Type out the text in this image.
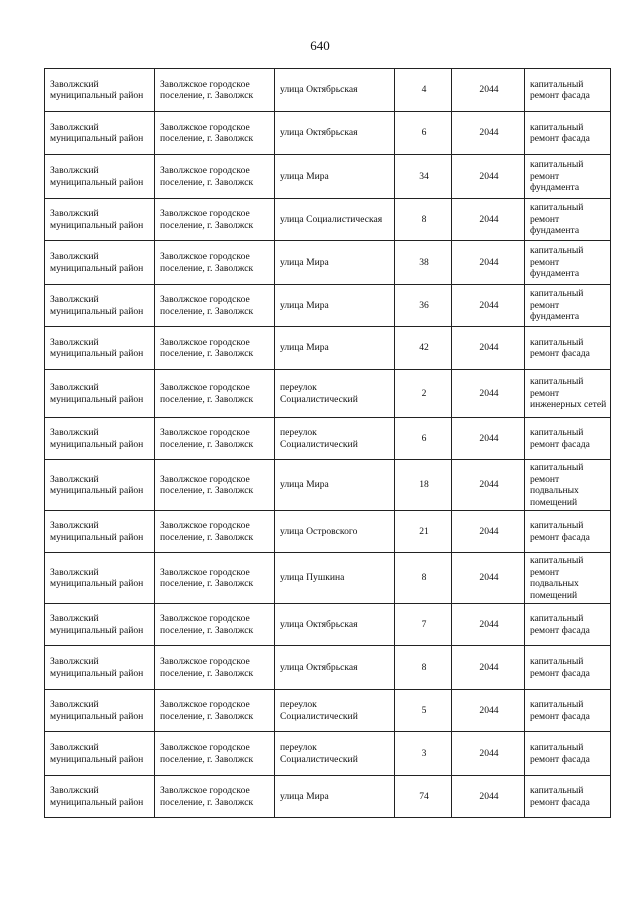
640
Заволжский муниципальный район	Заволжское городское поселение, г. Заволжск	улица Октябрьская	4	2044	капитальный ремонт фасада
Заволжский муниципальный район	Заволжское городское поселение, г. Заволжск	улица Октябрьская	6	2044	капитальный ремонт фасада
Заволжский муниципальный район	Заволжское городское поселение, г. Заволжск	улица Мира	34	2044	капитальный ремонт фундамента
Заволжский муниципальный район	Заволжское городское поселение, г. Заволжск	улица Социалистическая	8	2044	капитальный ремонт фундамента
Заволжский муниципальный район	Заволжское городское поселение, г. Заволжск	улица Мира	38	2044	капитальный ремонт фундамента
Заволжский муниципальный район	Заволжское городское поселение, г. Заволжск	улица Мира	36	2044	капитальный ремонт фундамента
Заволжский муниципальный район	Заволжское городское поселение, г. Заволжск	улица Мира	42	2044	капитальный ремонт фасада
Заволжский муниципальный район	Заволжское городское поселение, г. Заволжск	переулок Социалистический	2	2044	капитальный ремонт инженерных сетей
Заволжский муниципальный район	Заволжское городское поселение, г. Заволжск	переулок Социалистический	6	2044	капитальный ремонт фасада
Заволжский муниципальный район	Заволжское городское поселение, г. Заволжск	улица Мира	18	2044	капитальный ремонт подвальных помещений
Заволжский муниципальный район	Заволжское городское поселение, г. Заволжск	улица Островского	21	2044	капитальный ремонт фасада
Заволжский муниципальный район	Заволжское городское поселение, г. Заволжск	улица Пушкина	8	2044	капитальный ремонт подвальных помещений
Заволжский муниципальный район	Заволжское городское поселение, г. Заволжск	улица Октябрьская	7	2044	капитальный ремонт фасада
Заволжский муниципальный район	Заволжское городское поселение, г. Заволжск	улица Октябрьская	8	2044	капитальный ремонт фасада
Заволжский муниципальный район	Заволжское городское поселение, г. Заволжск	переулок Социалистический	5	2044	капитальный ремонт фасада
Заволжский муниципальный район	Заволжское городское поселение, г. Заволжск	переулок Социалистический	3	2044	капитальный ремонт фасада
Заволжский муниципальный район	Заволжское городское поселение, г. Заволжск	улица Мира	74	2044	капитальный ремонт фасада
